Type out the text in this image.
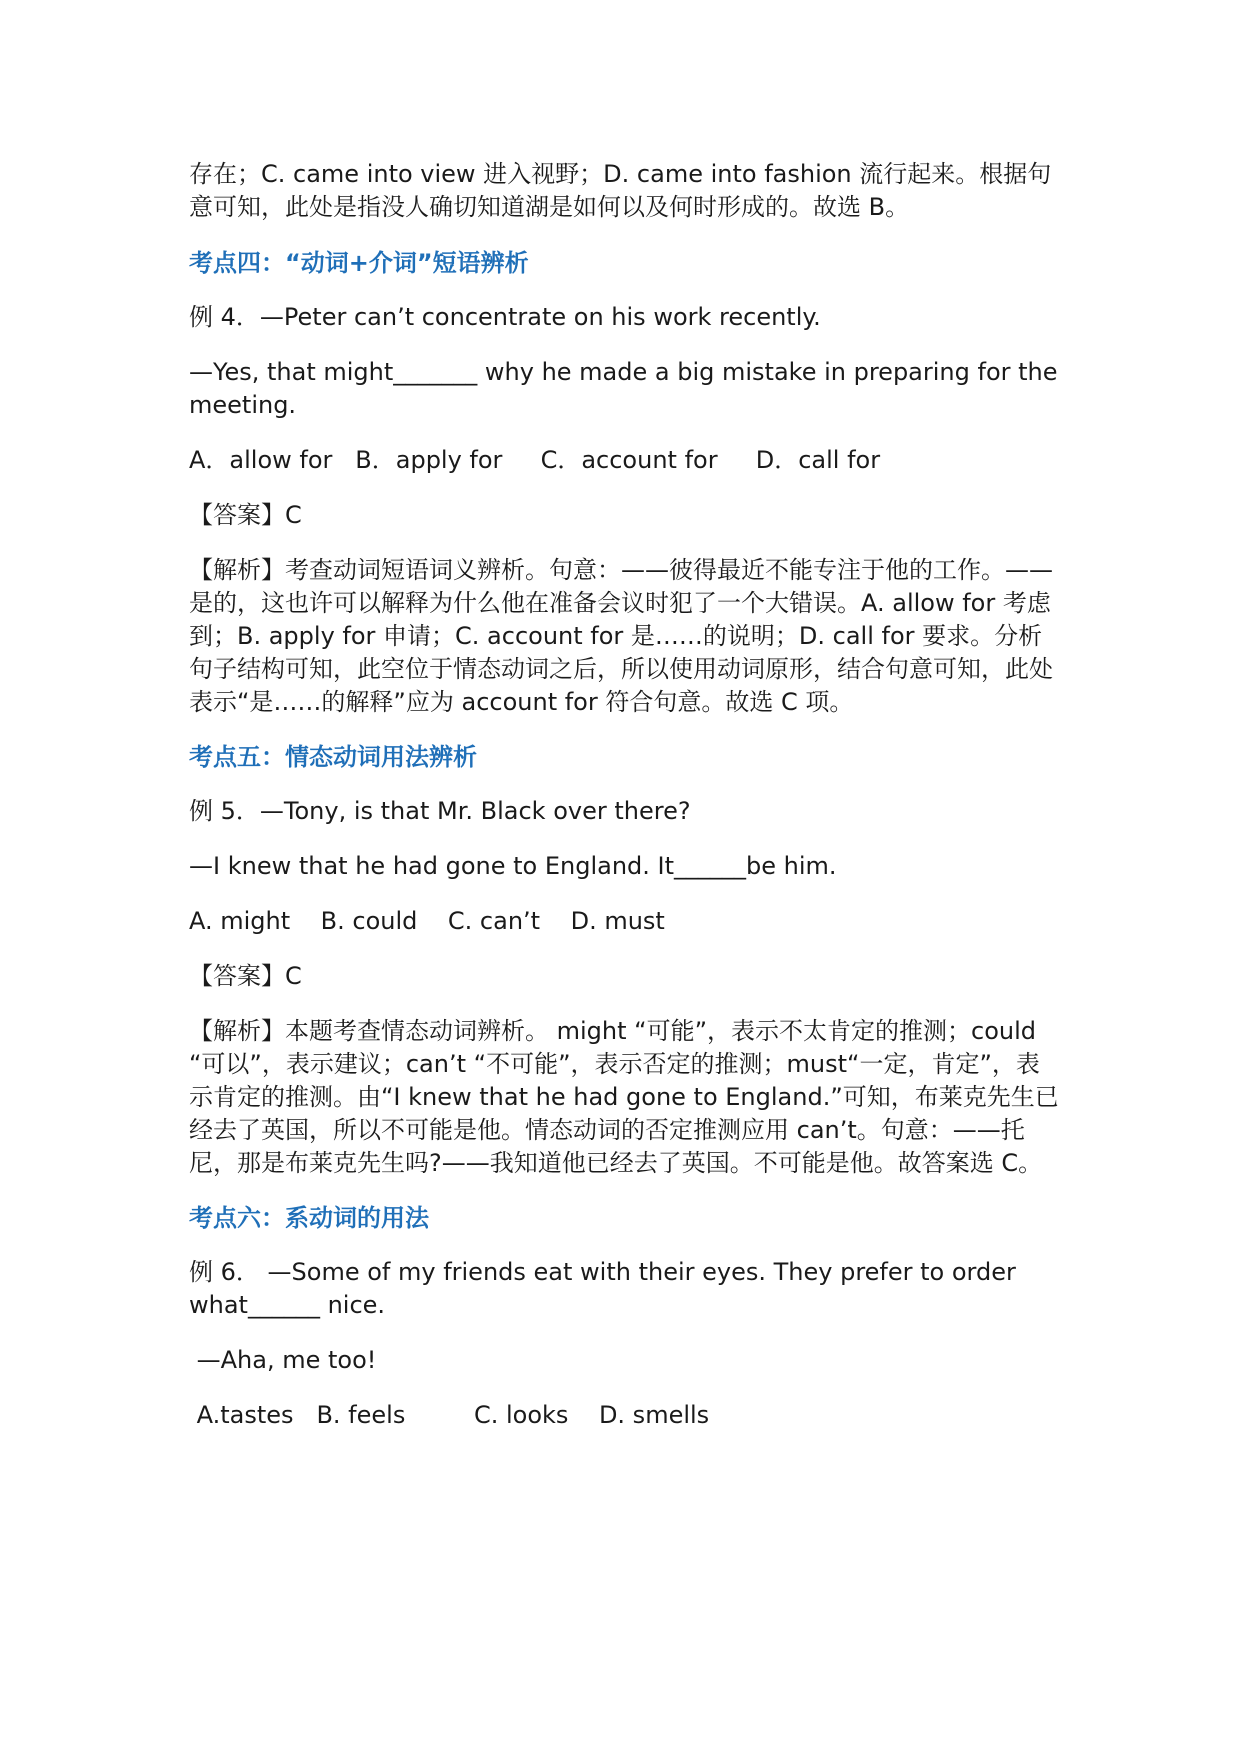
存在；C. came into view 进入视野；D. came into fashion 流行起来。根据句意可知，此处是指没人确切知道湖是如何以及何时形成的。故选 B。

考点四：“动词+介词”短语辨析

例 4．—Peter can’t concentrate on his work recently.

—Yes, that might_______ why he made a big mistake in preparing for the meeting.

A．allow for   B．apply for     C．account for     D．call for

【答案】C

【解析】考查动词短语词义辨析。句意：——彼得最近不能专注于他的工作。——是的，这也许可以解释为什么他在准备会议时犯了一个大错误。A. allow for 考虑到；B. apply for 申请；C. account for 是……的说明；D. call for 要求。分析句子结构可知，此空位于情态动词之后，所以使用动词原形，结合句意可知，此处表示“是……的解释”应为 account for 符合句意。故选 C 项。

考点五：情态动词用法辨析

例 5．—Tony, is that Mr. Black over there?

—I knew that he had gone to England. It______be him.

A. might    B. could    C. can’t    D. must

【答案】C

【解析】本题考查情态动词辨析。 might “可能”，表示不太肯定的推测；could “可以”，表示建议；can’t “不可能”，表示否定的推测；must“一定，肯定”，表示肯定的推测。由“I knew that he had gone to England.”可知，布莱克先生已经去了英国，所以不可能是他。情态动词的否定推测应用 can’t。句意：——托尼，那是布莱克先生吗?——我知道他已经去了英国。不可能是他。故答案选 C。

考点六：系动词的用法

例 6． —Some of my friends eat with their eyes. They prefer to order what______ nice.

—Aha, me too!

A.tastes   B. feels         C. looks    D. smells
